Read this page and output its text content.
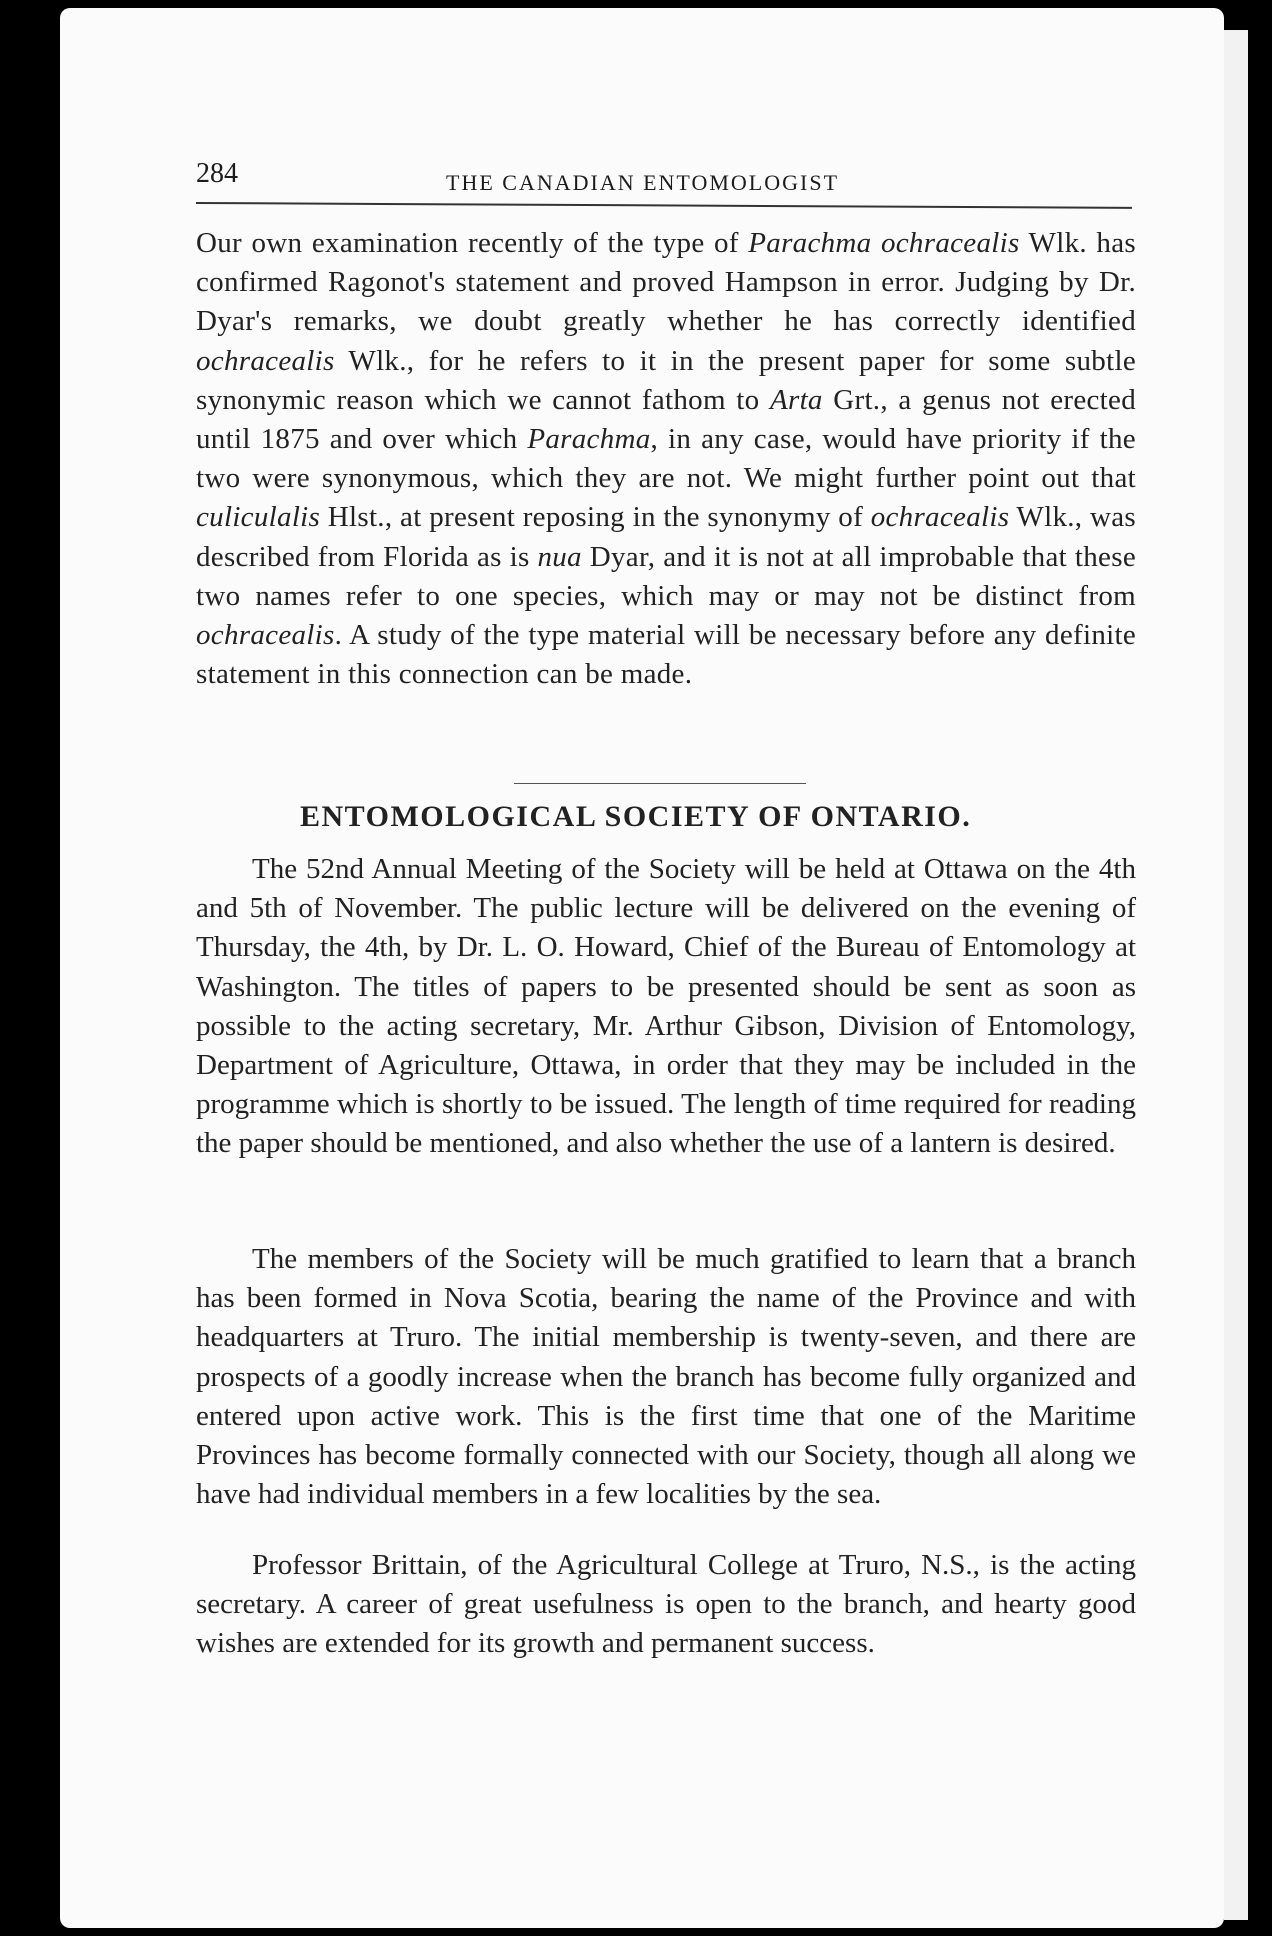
284	THE CANADIAN ENTOMOLOGIST

Our own examination recently of the type of Parachma ochracealis Wlk. has confirmed Ragonot's statement and proved Hampson in error. Judging by Dr. Dyar's remarks, we doubt greatly whether he has correctly identified ochracealis Wlk., for he refers to it in the present paper for some subtle synonymic reason which we cannot fathom to Arta Grt., a genus not erected until 1875 and over which Parachma, in any case, would have priority if the two were synonymous, which they are not. We might further point out that culiculalis Hlst., at present reposing in the synonymy of ochracealis Wlk., was described from Florida as is nua Dyar, and it is not at all improbable that these two names refer to one species, which may or may not be distinct from ochracealis. A study of the type material will be necessary before any definite statement in this connection can be made.

ENTOMOLOGICAL SOCIETY OF ONTARIO.

The 52nd Annual Meeting of the Society will be held at Ottawa on the 4th and 5th of November. The public lecture will be delivered on the evening of Thursday, the 4th, by Dr. L. O. Howard, Chief of the Bureau of Entomology at Washington. The titles of papers to be presented should be sent as soon as possible to the acting secretary, Mr. Arthur Gibson, Division of Entomology, Department of Agriculture, Ottawa, in order that they may be included in the programme which is shortly to be issued. The length of time required for reading the paper should be mentioned, and also whether the use of a lantern is desired.

The members of the Society will be much gratified to learn that a branch has been formed in Nova Scotia, bearing the name of the Province and with headquarters at Truro. The initial membership is twenty-seven, and there are prospects of a goodly increase when the branch has become fully organized and entered upon active work. This is the first time that one of the Maritime Provinces has become formally connected with our Society, though all along we have had individual members in a few localities by the sea.

Professor Brittain, of the Agricultural College at Truro, N.S., is the acting secretary. A career of great usefulness is open to the branch, and hearty good wishes are extended for its growth and permanent success.
